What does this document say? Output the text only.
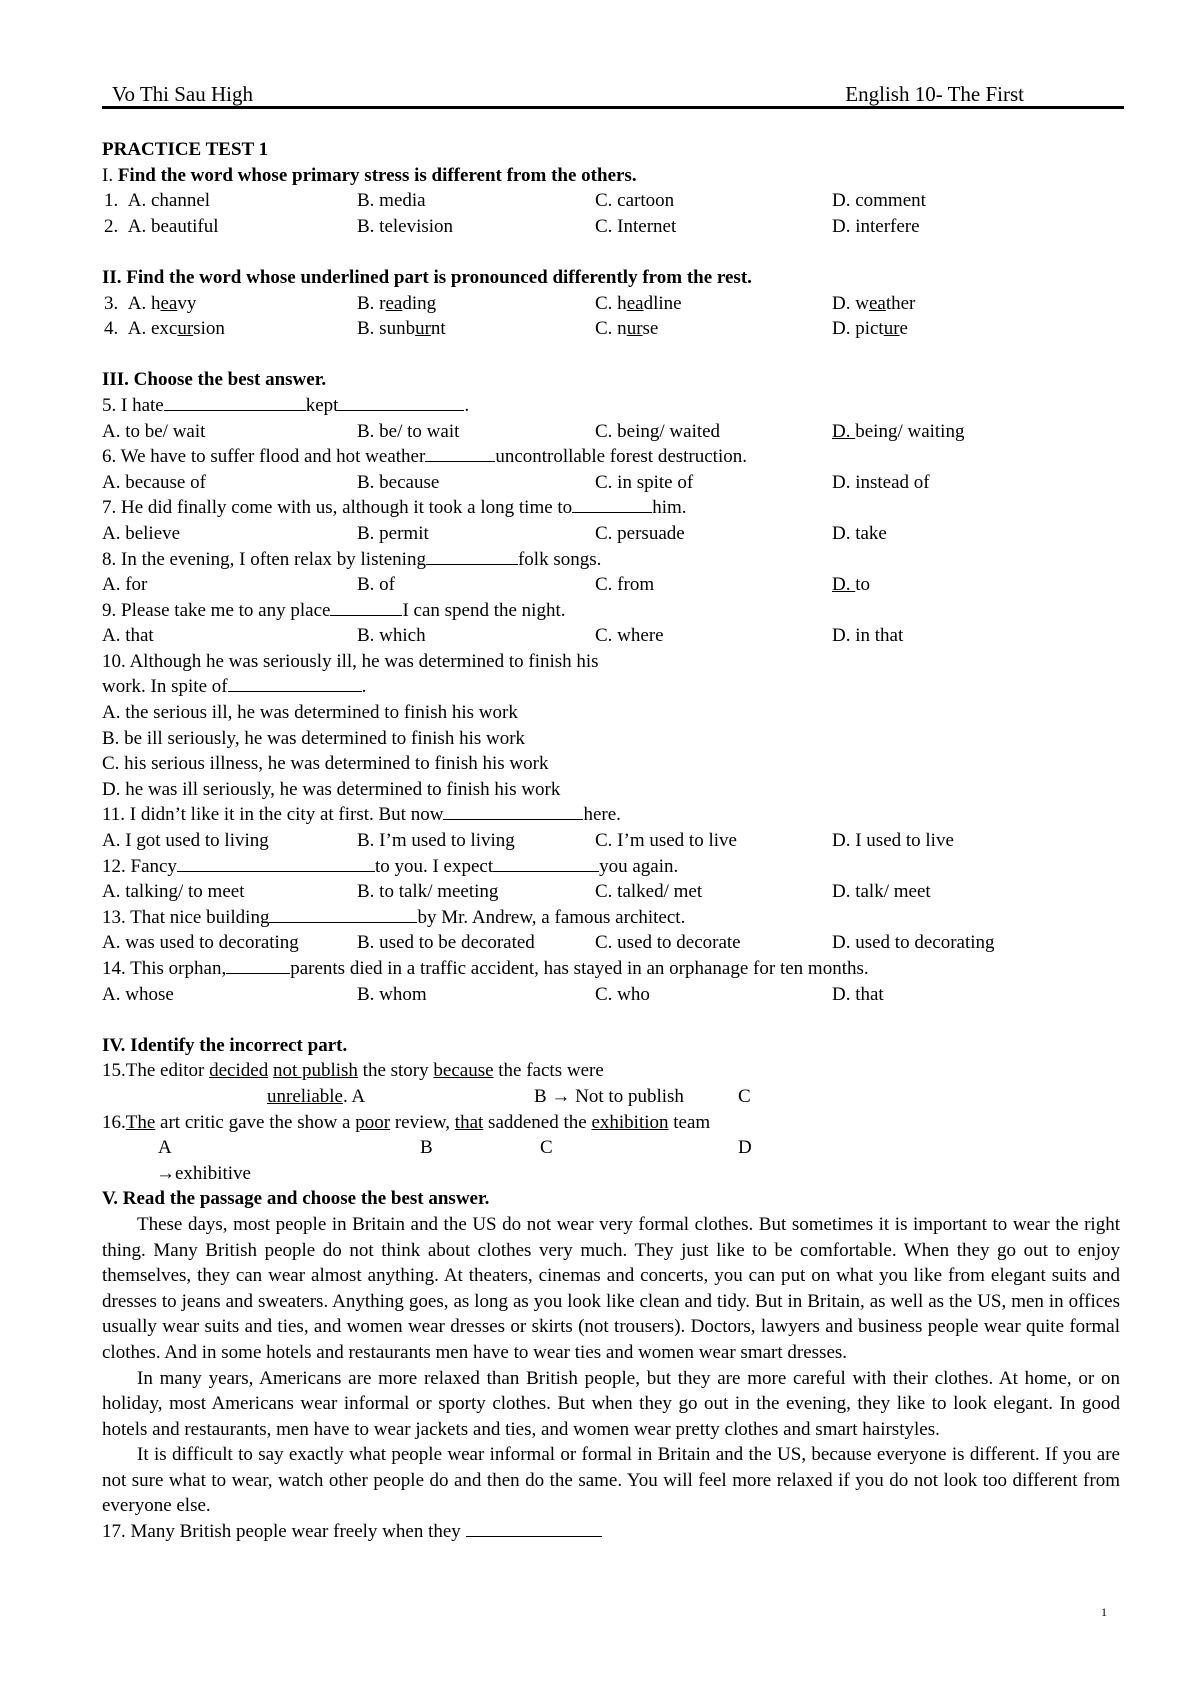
Vo Thi Sau High	English 10- The First
PRACTICE TEST 1
I. Find the word whose primary stress is different from the others.
1. A. channel	B. media	C. cartoon	D. comment
2. A. beautiful	B. television	C. Internet	D. interfere
II. Find the word whose underlined part is pronounced differently from the rest.
3. A. heavy	B. reading	C. headline	D. weather
4. A. excursion	B. sunburnt	C. nurse	D. picture
III. Choose the best answer.
5. I hate	kept	.
A. to be/ wait	B. be/ to wait	C. being/ waited	D. being/ waiting
6. We have to suffer flood and hot weather	uncontrollable forest destruction.
A. because of	B. because	C. in spite of	D. instead of
7. He did finally come with us, although it took a long time to	him.
A. believe	B. permit	C. persuade	D. take
8. In the evening, I often relax by listening	folk songs.
A. for	B. of	C. from	D. to
9. Please take me to any place	I can spend the night.
A. that	B. which	C. where	D. in that
10. Although he was seriously ill, he was determined to finish his
work. In spite of	.
A. the serious ill, he was determined to finish his work
B. be ill seriously, he was determined to finish his work
C. his serious illness, he was determined to finish his work
D. he was ill seriously, he was determined to finish his work
11. I didn’t like it in the city at first. But now	here.
A. I got used to living	B. I’m used to living	C. I’m used to live	D. I used to live
12. Fancy	to you. I expect	you again.
A. talking/ to meet	B. to talk/ meeting	C. talked/ met	D. talk/ meet
13. That nice building	by Mr. Andrew, a famous architect.
A. was used to decorating	B. used to be decorated	C. used to decorate	D. used to decorating
14. This orphan,	parents died in a traffic accident, has stayed in an orphanage for ten months.
A. whose	B. whom	C. who	D. that
IV. Identify the incorrect part.
15.The editor decided not publish the story because the facts were
unreliable. A	B → Not to publish	C
16.The art critic gave the show a poor review, that saddened the exhibition team
A	B	C	D
→exhibitive
V. Read the passage and choose the best answer.

These days, most people in Britain and the US do not wear very formal clothes. But sometimes it is important to wear the right thing. Many British people do not think about clothes very much. They just like to be comfortable. When they go out to enjoy themselves, they can wear almost anything. At theaters, cinemas and concerts, you can put on what you like from elegant suits and dresses to jeans and sweaters. Anything goes, as long as you look like clean and tidy. But in Britain, as well as the US, men in offices usually wear suits and ties, and women wear dresses or skirts (not trousers). Doctors, lawyers and business people wear quite formal clothes. And in some hotels and restaurants men have to wear ties and women wear smart dresses.

In many years, Americans are more relaxed than British people, but they are more careful with their clothes. At home, or on holiday, most Americans wear informal or sporty clothes. But when they go out in the evening, they like to look elegant. In good hotels and restaurants, men have to wear jackets and ties, and women wear pretty clothes and smart hairstyles.

It is difficult to say exactly what people wear informal or formal in Britain and the US, because everyone is different. If you are not sure what to wear, watch other people do and then do the same. You will feel more relaxed if you do not look too different from everyone else.

17. Many British people wear freely when they
1
